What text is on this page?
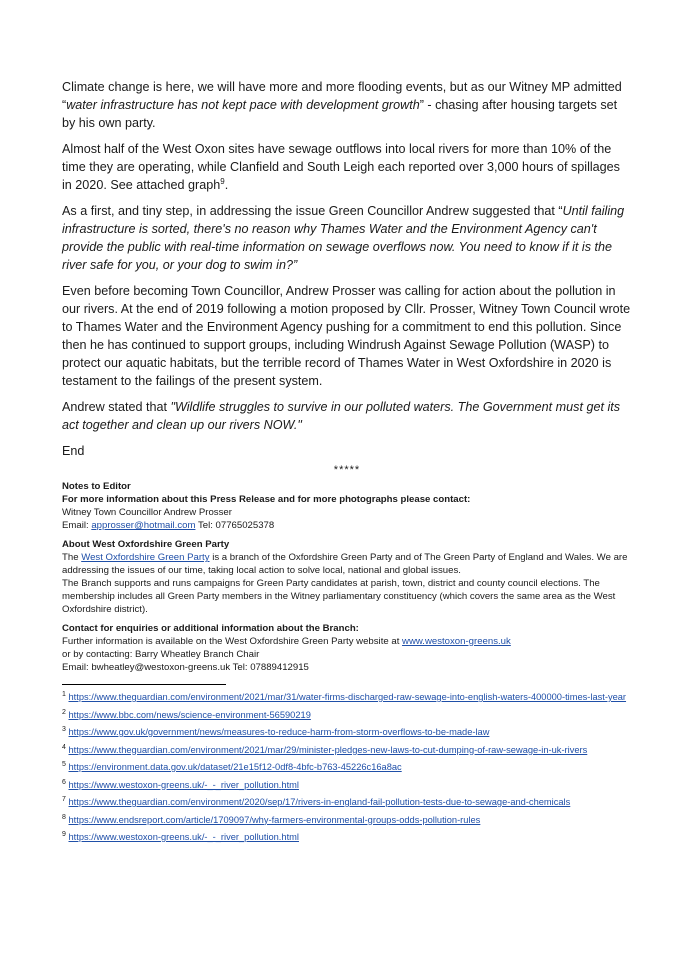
Climate change is here, we will have more and more flooding events, but as our Witney MP admitted “water infrastructure has not kept pace with development growth” - chasing after housing targets set by his own party.

Almost half of the West Oxon sites have sewage outflows into local rivers for more than 10% of the time they are operating, while Clanfield and South Leigh each reported over 3,000 hours of spillages in 2020. See attached graph$^9$.

As a first, and tiny step, in addressing the issue Green Councillor Andrew suggested that “Until failing infrastructure is sorted, there's no reason why Thames Water and the Environment Agency can't provide the public with real-time information on sewage overflows now. You need to know if it is the river safe for you, or your dog to swim in?”

Even before becoming Town Councillor, Andrew Prosser was calling for action about the pollution in our rivers. At the end of 2019 following a motion proposed by Cllr. Prosser, Witney Town Council wrote to Thames Water and the Environment Agency pushing for a commitment to end this pollution. Since then he has continued to support groups, including Windrush Against Sewage Pollution (WASP) to protect our aquatic habitats, but the terrible record of Thames Water in West Oxfordshire in 2020 is testament to the failings of the present system.

Andrew stated that "Wildlife struggles to survive in our polluted waters. The Government must get its act together and clean up our rivers NOW."

End

*****

Notes to Editor

For more information about this Press Release and for more photographs please contact:

Witney Town Councillor Andrew Prosser

Email: approsser@hotmail.com Tel: 07765025378

About West Oxfordshire Green Party

The West Oxfordshire Green Party is a branch of the Oxfordshire Green Party and of The Green Party of England and Wales. We are addressing the issues of our time, taking local action to solve local, national and global issues.

The Branch supports and runs campaigns for Green Party candidates at parish, town, district and county council elections. The membership includes all Green Party members in the Witney parliamentary constituency (which covers the same area as the West Oxfordshire district).

Contact for enquiries or additional information about the Branch:

Further information is available on the West Oxfordshire Green Party website at www.westoxon-greens.uk

or by contacting: Barry Wheatley Branch Chair

Email: bwheatley@westoxon-greens.uk Tel: 07889412915

$^1$ https://www.theguardian.com/environment/2021/mar/31/water-firms-discharged-raw-sewage-into-english-waters-400000-times-last-year

$^2$ https://www.bbc.com/news/science-environment-56590219

$^3$ https://www.gov.uk/government/news/measures-to-reduce-harm-from-storm-overflows-to-be-made-law

$^4$ https://www.theguardian.com/environment/2021/mar/29/minister-pledges-new-laws-to-cut-dumping-of-raw-sewage-in-uk-rivers

$^5$ https://environment.data.gov.uk/dataset/21e15f12-0df8-4bfc-b763-45226c16a8ac

$^6$ https://www.westoxon-greens.uk/-_-_river_pollution.html

$^7$ https://www.theguardian.com/environment/2020/sep/17/rivers-in-england-fail-pollution-tests-due-to-sewage-and-chemicals

$^8$ https://www.endsreport.com/article/1709097/why-farmers-environmental-groups-odds-pollution-rules

$^9$ https://www.westoxon-greens.uk/-_-_river_pollution.html
